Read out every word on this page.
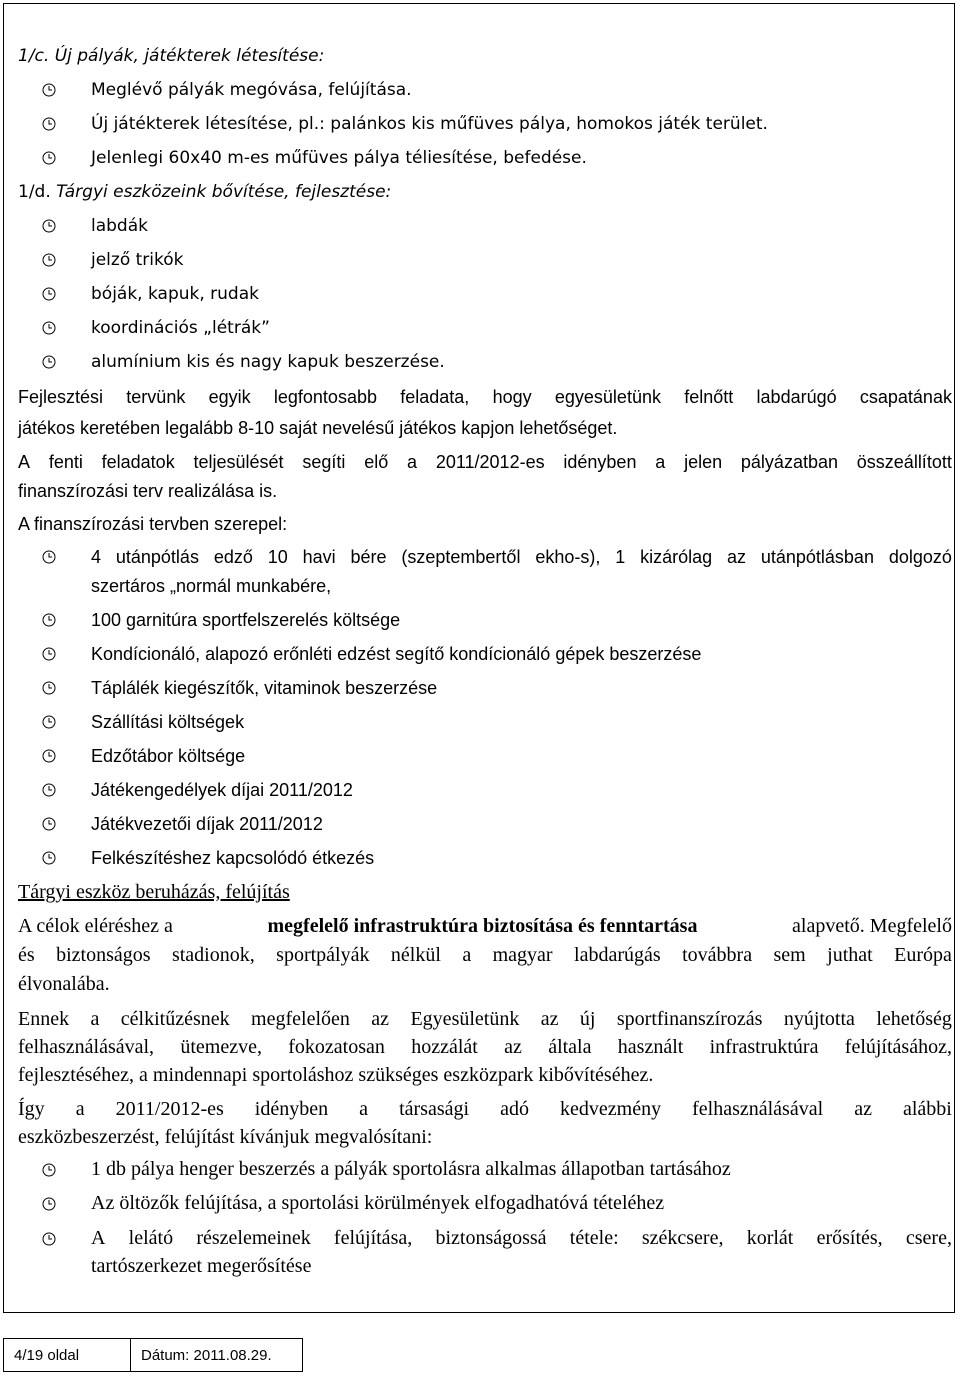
1/c. Új pályák, játékterek létesítése:
Meglévő pályák megóvása, felújítása.
Új játékterek létesítése, pl.: palánkos kis műfüves pálya, homokos játék terület.
Jelenlegi 60x40 m-es műfüves pálya téliesítése, befedése.
1/d. Tárgyi eszközeink bővítése, fejlesztése:
labdák
jelző trikók
bóják, kapuk, rudak
koordinációs „létrák”
alumínium kis és nagy kapuk beszerzése.
Fejlesztési tervünk egyik legfontosabb feladata, hogy egyesületünk felnőtt labdarúgó csapatának
játékos keretében legalább 8-10 saját nevelésű játékos kapjon lehetőséget.
A fenti feladatok teljesülését segíti elő a 2011/2012-es idényben a jelen pályázatban összeállított
finanszírozási terv realizálása is.
A finanszírozási tervben szerepel:
4 utánpótlás edző 10 havi bére (szeptembertől ekho-s), 1 kizárólag az utánpótlásban dolgozó
szertáros „normál munkabére,
100 garnitúra sportfelszerelés költsége
Kondícionáló, alapozó erőnléti edzést segítő kondícionáló gépek beszerzése
Táplálék kiegészítők, vitaminok beszerzése
Szállítási költségek
Edzőtábor költsége
Játékengedélyek díjai 2011/2012
Játékvezetői díjak 2011/2012
Felkészítéshez kapcsolódó étkezés
Tárgyi eszköz beruházás, felújítás
A célok eléréshez a	megfelelő infrastruktúra biztosítása és fenntartása	alapvető. Megfelelő
és biztonságos stadionok, sportpályák nélkül a magyar labdarúgás továbbra sem juthat Európa
élvonalába.
Ennek a célkitűzésnek megfelelően az Egyesületünk az új sportfinanszírozás nyújtotta lehetőség
felhasználásával, ütemezve, fokozatosan hozzálát az általa használt infrastruktúra felújításához,
fejlesztéséhez, a mindennapi sportoláshoz szükséges eszközpark kibővítéséhez.
Így a 2011/2012-es idényben a társasági adó kedvezmény felhasználásával az alábbi
eszközbeszerzést, felújítást kívánjuk megvalósítani:
1 db pálya henger beszerzés a pályák sportolásra alkalmas állapotban tartásához
Az öltözők felújítása, a sportolási körülmények elfogadhatóvá tételéhez
A lelátó részelemeinek felújítása, biztonságossá tétele: székcsere, korlát erősítés, csere,
tartószerkezet megerősítése
4/19 oldal	Dátum: 2011.08.29.
